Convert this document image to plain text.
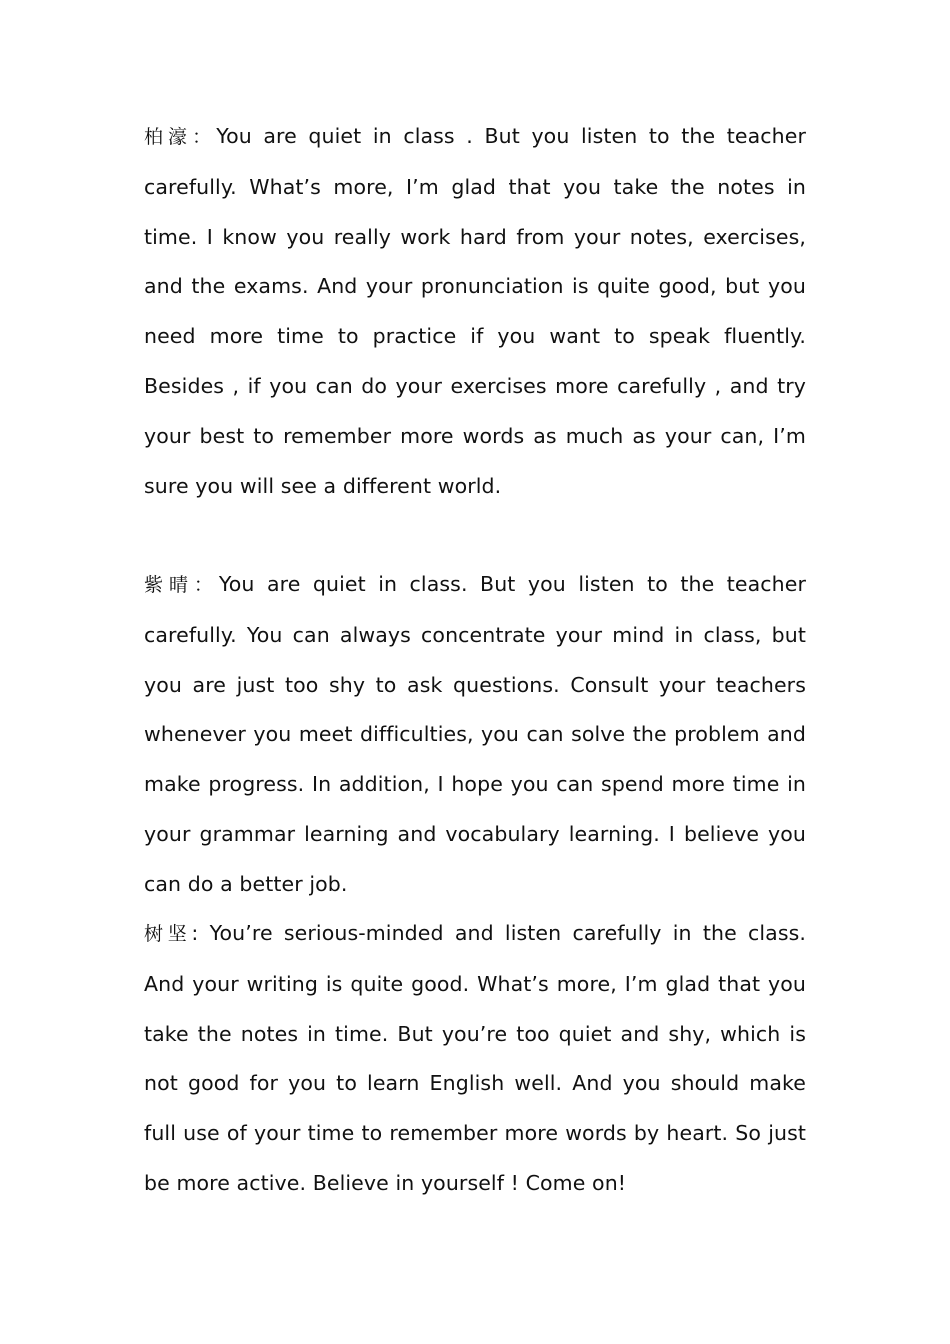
柏濠：You are quiet in class . But you listen to the teacher carefully. What’s more, I’m glad that you take the notes in time. I know you really work hard from your notes, exercises, and the exams. And your pronunciation is quite good, but you need more time to practice if you want to speak fluently. Besides , if you can do your exercises more carefully , and try your best to remember more words as much as your can, I’m sure you will see a different world.

紫晴：You are quiet in class. But you listen to the teacher carefully. You can always concentrate your mind in class, but you are just too shy to ask questions. Consult your teachers whenever you meet difficulties, you can solve the problem and make progress. In addition, I hope you can spend more time in your grammar learning and vocabulary learning. I believe you can do a better job.

树坚: You’re serious-minded and listen carefully in the class. And your writing is quite good. What’s more, I’m glad that you take the notes in time. But you’re too quiet and shy, which is not good for you to learn English well. And you should make full use of your time to remember more words by heart. So just be more active. Believe in yourself ! Come on!
